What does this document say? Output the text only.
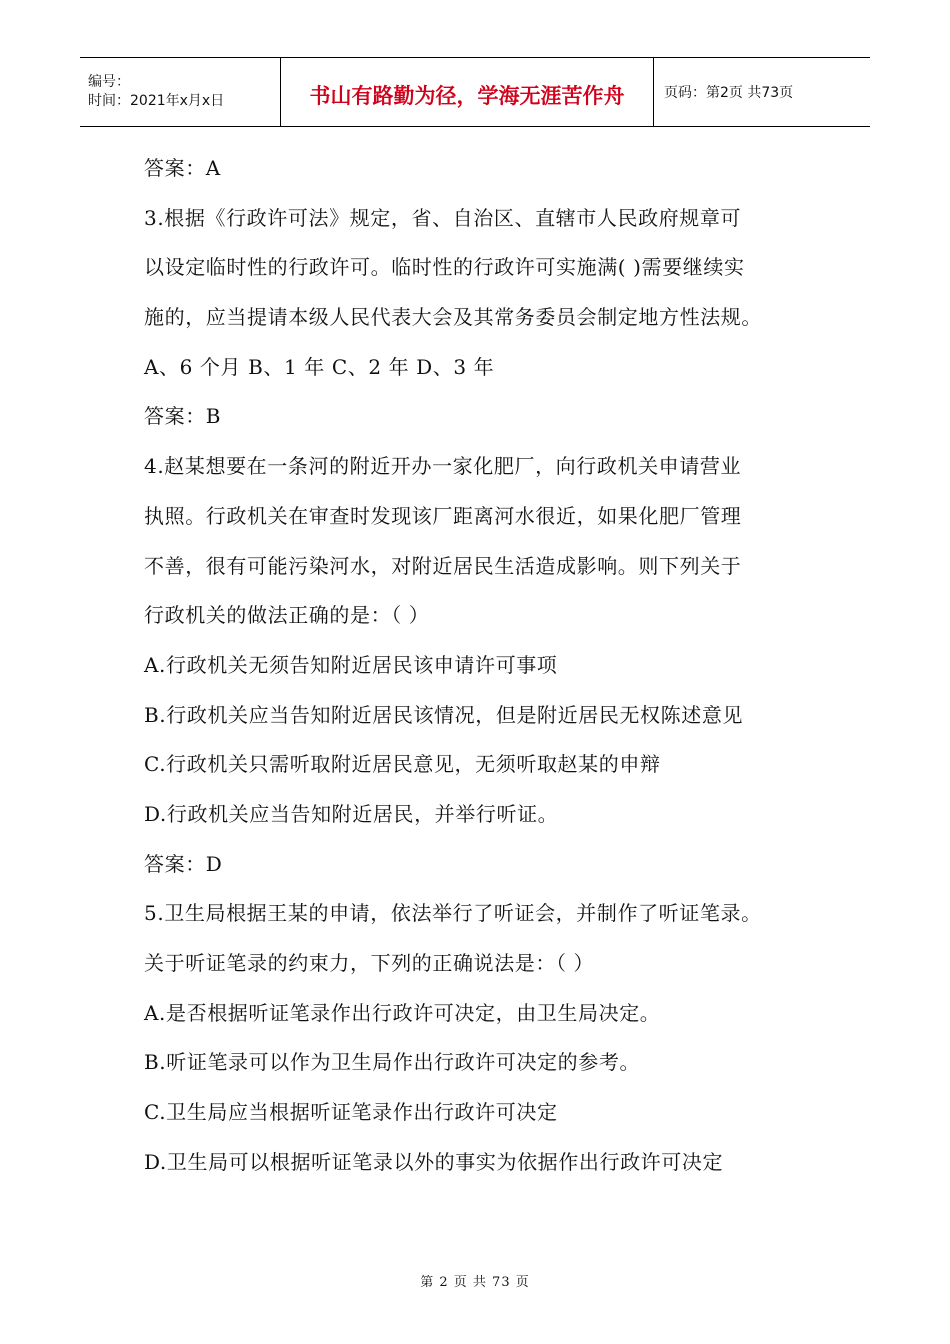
编号：
时间：2021年x月x日	书山有路勤为径，学海无涯苦作舟	页码：第2页 共73页
答案：A
3.根据《行政许可法》规定，省、自治区、直辖市人民政府规章可
以设定临时性的行政许可。临时性的行政许可实施满( )需要继续实
施的，应当提请本级人民代表大会及其常务委员会制定地方性法规。
A、6 个月 B、1 年 C、2 年 D、3 年
答案：B
4.赵某想要在一条河的附近开办一家化肥厂，向行政机关申请营业
执照。行政机关在审查时发现该厂距离河水很近，如果化肥厂管理
不善，很有可能污染河水，对附近居民生活造成影响。则下列关于
行政机关的做法正确的是：（ ）
A.行政机关无须告知附近居民该申请许可事项
B.行政机关应当告知附近居民该情况，但是附近居民无权陈述意见
C.行政机关只需听取附近居民意见，无须听取赵某的申辩
D.行政机关应当告知附近居民，并举行听证。
答案：D
5.卫生局根据王某的申请，依法举行了听证会，并制作了听证笔录。
关于听证笔录的约束力，下列的正确说法是：（ ）
A.是否根据听证笔录作出行政许可决定，由卫生局决定。
B.听证笔录可以作为卫生局作出行政许可决定的参考。
C.卫生局应当根据听证笔录作出行政许可决定
D.卫生局可以根据听证笔录以外的事实为依据作出行政许可决定
第 2 页 共 73 页
